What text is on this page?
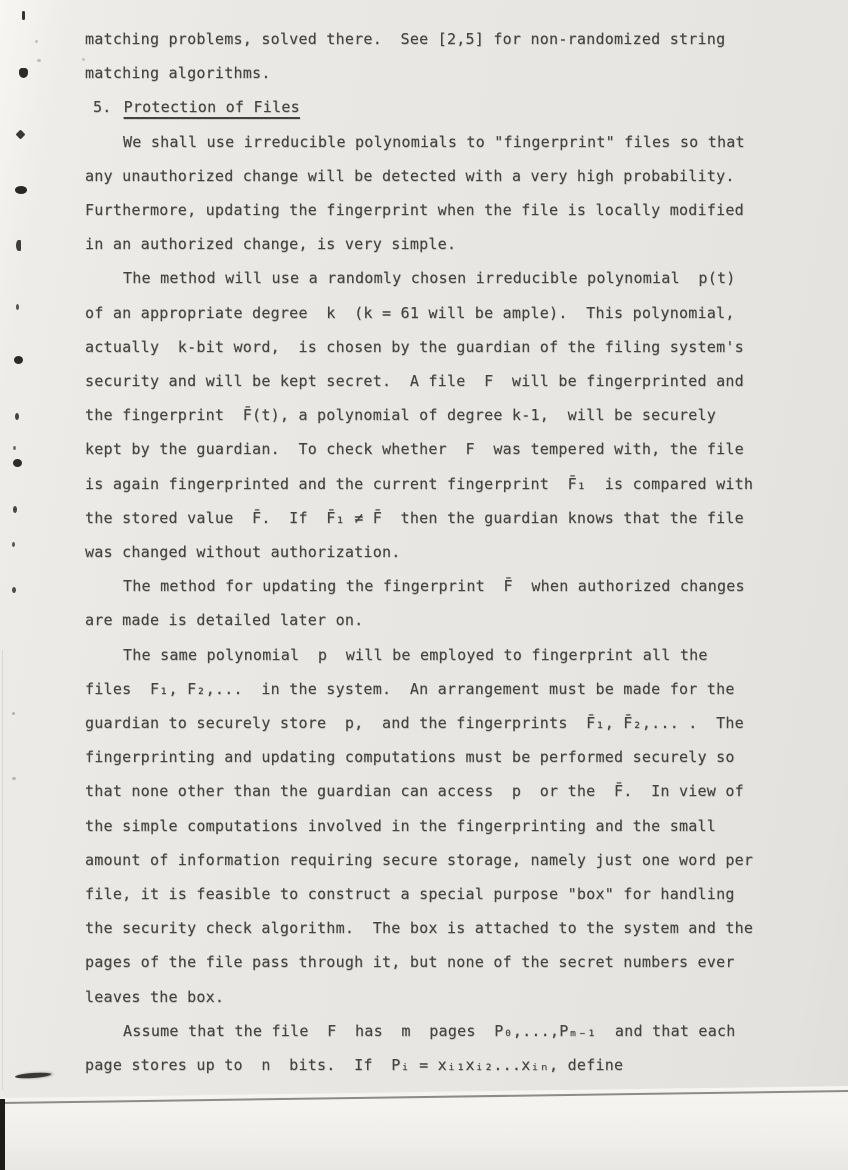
matching problems, solved there.  See [2,5] for non-randomized string
matching algorithms.
5. Protection of Files
We shall use irreducible polynomials to "fingerprint" files so that
any unauthorized change will be detected with a very high probability.
Furthermore, updating the fingerprint when the file is locally modified
in an authorized change, is very simple.
The method will use a randomly chosen irreducible polynomial  p(t)
of an appropriate degree  k  (k = 61 will be ample).  This polynomial,
actually  k-bit word,  is chosen by the guardian of the filing system's
security and will be kept secret.  A file  F  will be fingerprinted and
the fingerprint  F̄(t), a polynomial of degree k-1,  will be securely
kept by the guardian.  To check whether  F  was tempered with, the file
is again fingerprinted and the current fingerprint  F̄₁  is compared with
the stored value  F̄.  If  F̄₁ ≠ F̄  then the guardian knows that the file
was changed without authorization.
The method for updating the fingerprint  F̄  when authorized changes
are made is detailed later on.
The same polynomial  p  will be employed to fingerprint all the
files  F₁, F₂,...  in the system.  An arrangement must be made for the
guardian to securely store  p,  and the fingerprints  F̄₁, F̄₂,... .  The
fingerprinting and updating computations must be performed securely so
that none other than the guardian can access  p  or the  F̄.  In view of
the simple computations involved in the fingerprinting and the small
amount of information requiring secure storage, namely just one word per
file, it is feasible to construct a special purpose "box" for handling
the security check algorithm.  The box is attached to the system and the
pages of the file pass through it, but none of the secret numbers ever
leaves the box.
Assume that the file  F  has  m  pages  P₀,...,Pₘ₋₁  and that each
page stores up to  n  bits.  If  Pᵢ = xᵢ₁xᵢ₂...xᵢₙ, define
